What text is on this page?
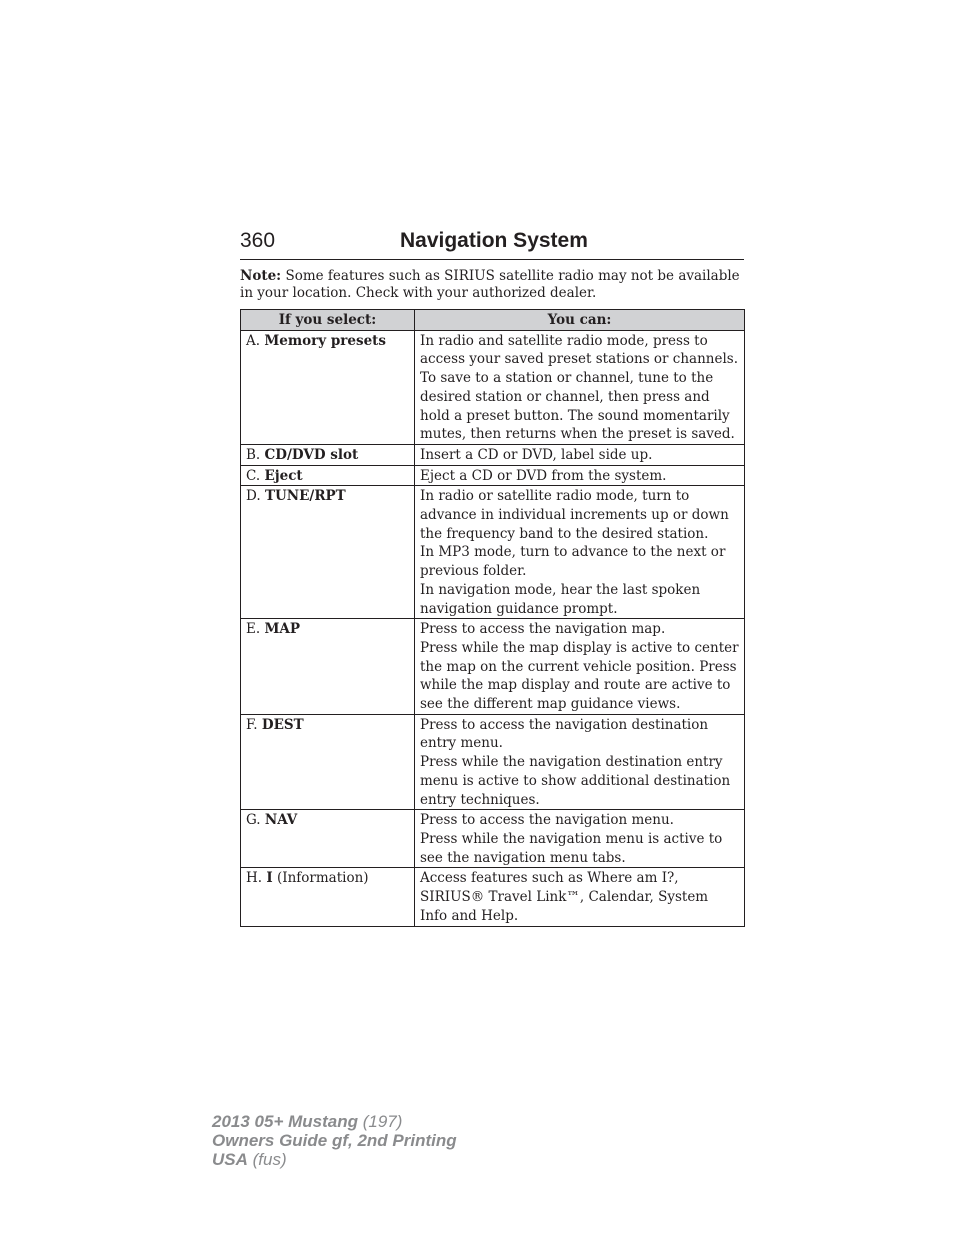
360	Navigation System
Note: Some features such as SIRIUS satellite radio may not be available in your location. Check with your authorized dealer.
If you select:	You can:
A. Memory presets	In radio and satellite radio mode, press to access your saved preset stations or channels. To save to a station or channel, tune to the desired station or channel, then press and hold a preset button. The sound momentarily mutes, then returns when the preset is saved.

B. CD/DVD slot	Insert a CD or DVD, label side up.

C. Eject	Eject a CD or DVD from the system.

D. TUNE/RPT	In radio or satellite radio mode, turn to advance in individual increments up or down the frequency band to the desired station.
In MP3 mode, turn to advance to the next or previous folder.
In navigation mode, hear the last spoken navigation guidance prompt.

E. MAP	Press to access the navigation map.
Press while the map display is active to center the map on the current vehicle position. Press while the map display and route are active to see the different map guidance views.

F. DEST	Press to access the navigation destination entry menu.
Press while the navigation destination entry menu is active to show additional destination entry techniques.

G. NAV	Press to access the navigation menu.
Press while the navigation menu is active to see the navigation menu tabs.

H. I (Information)	Access features such as Where am I?, SIRIUS® Travel Link™, Calendar, System Info and Help.
2013 05+ Mustang (197)
Owners Guide gf, 2nd Printing
USA (fus)
